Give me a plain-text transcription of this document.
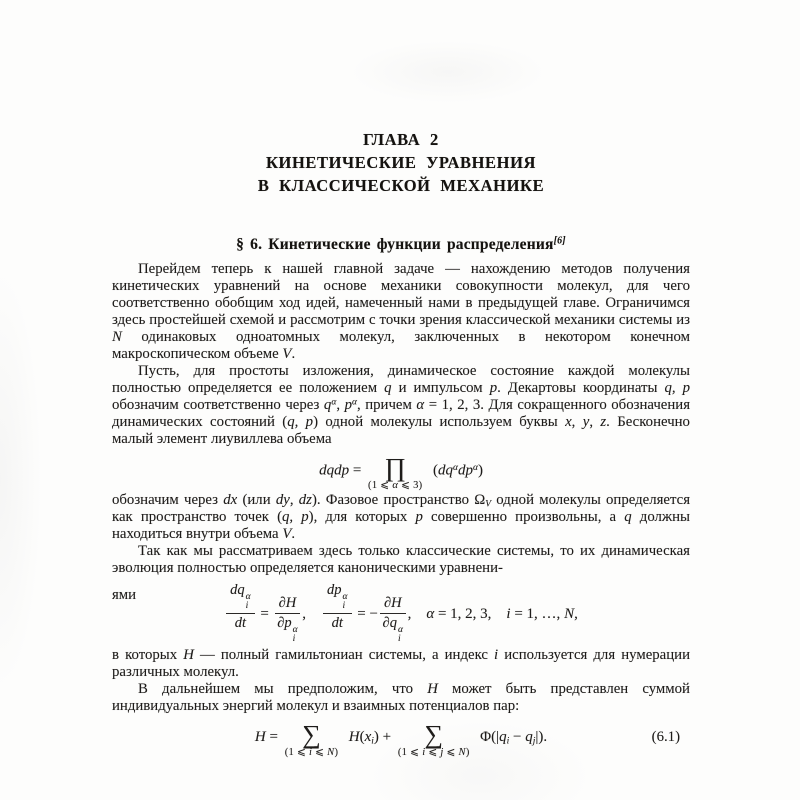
ГЛАВА 2
КИНЕТИЧЕСКИЕ УРАВНЕНИЯ
В КЛАССИЧЕСКОЙ МЕХАНИКЕ
§ 6. Кинетические функции распределения[6]

Перейдем теперь к нашей главной задаче — нахождению методов получения кинетических уравнений на основе механики совокупности молекул, для чего соответственно обобщим ход идей, намеченный нами в предыдущей главе. Ограничимся здесь простейшей схемой и рассмотрим с точки зрения классической механики системы из N одинаковых одноатомных молекул, заключенных в некотором конечном макроскопическом объеме V.

Пусть, для простоты изложения, динамическое состояние каждой молекулы полностью определяется ее положением q и импульсом p. Декартовы координаты q, p обозначим соответственно через $q^\alpha$, $p^\alpha$, причем α = 1, 2, 3. Для сокращенного обозначения динамических состояний (q, p) одной молекулы используем буквы x, y, z. Бесконечно малый элемент лиувиллева объема

dqdp = ∏
(1 ⩽ α ⩽ 3)
 $(dq^\alpha dp^\alpha)$

обозначим через dx (или dy, dz). Фазовое пространство $\Omega_V$ одной молекулы определяется как пространство точек (q, p), для которых p совершенно произвольны, а q должны находиться внутри объема V.

Так как мы рассматриваем здесь только классические системы, то их динамическая эволюция полностью определяется каноническими уравнени-

ями	dq α
i
dt = ∂H
∂p α
i ,  dp α
i
dt = − ∂H
∂q α
i , α = 1, 2, 3, i = 1, …, N,

в которых H — полный гамильтониан системы, а индекс i используется для нумерации различных молекул.

В дальнейшем мы предположим, что H может быть представлен суммой индивидуальных энергий молекул и взаимных потенциалов пар:

H = ∑
(1 ⩽ i ⩽ N)
 $H(x_i)$ + ∑
(1 ⩽ i ⩽ j ⩽ N)
 $\Phi(|q_i - q_j|)$.	(6.1)
